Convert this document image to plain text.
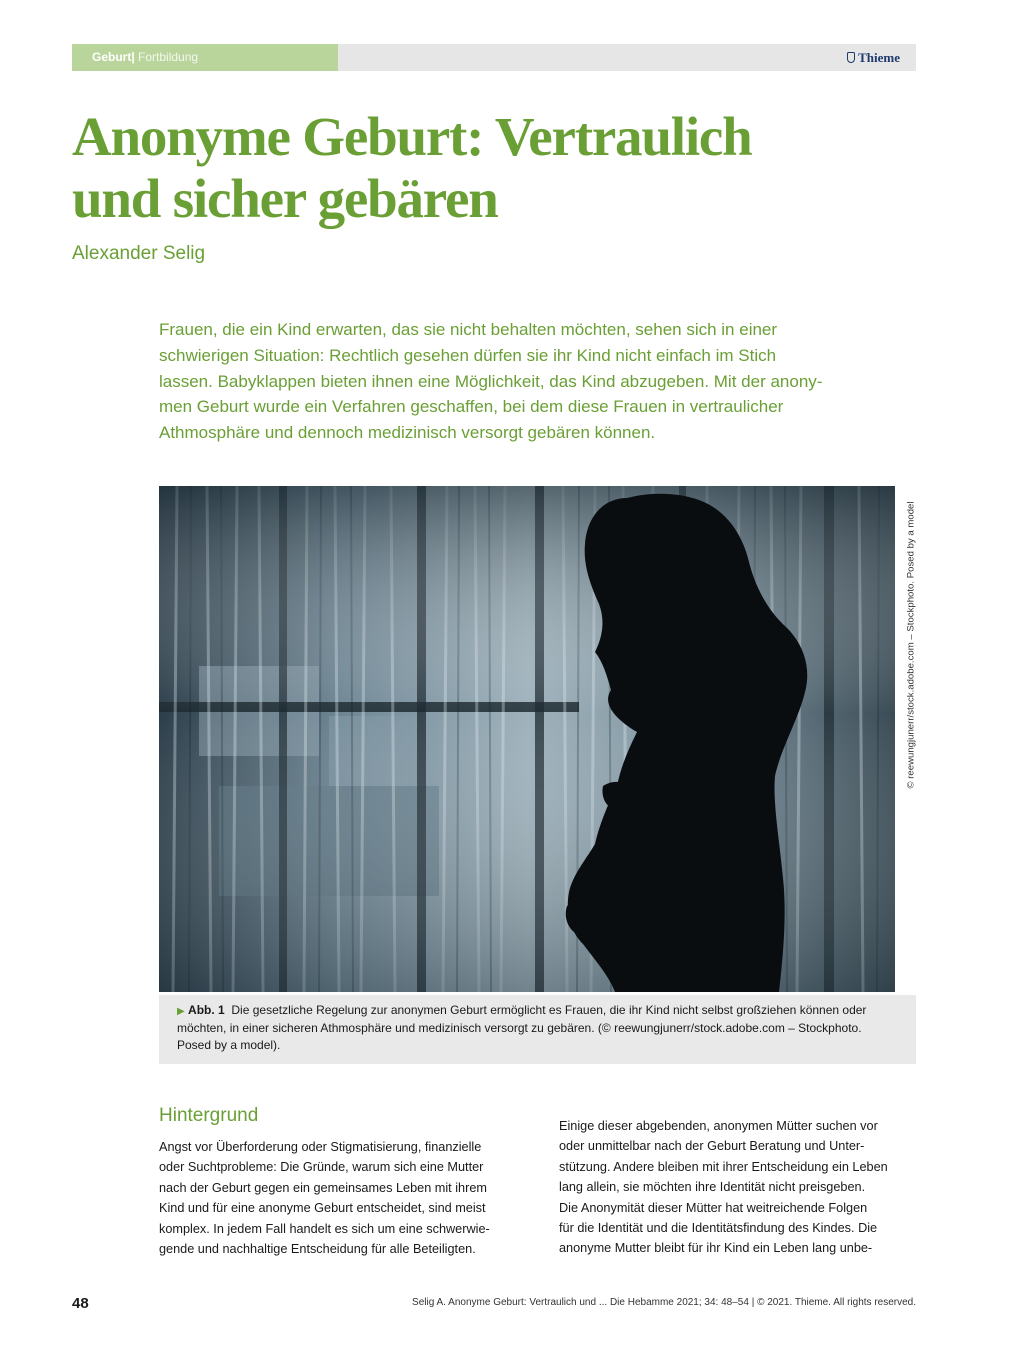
Geburt| Fortbildung	Thieme
Anonyme Geburt: Vertraulich
und sicher gebären
Alexander Selig

Frauen, die ein Kind erwarten, das sie nicht behalten möchten, sehen sich in einer
schwierigen Situation: Rechtlich gesehen dürfen sie ihr Kind nicht einfach im Stich
lassen. Babyklappen bieten ihnen eine Möglichkeit, das Kind abzugeben. Mit der anony-
men Geburt wurde ein Verfahren geschaffen, bei dem diese Frauen in vertraulicher
Athmosphäre und dennoch medizinisch versorgt gebären können.

© reewungjunerr/stock.adobe.com – Stockphoto. Posed by a model
▶ Abb. 1 Die gesetzliche Regelung zur anonymen Geburt ermöglicht es Frauen, die ihr Kind nicht selbst großziehen können oder
möchten, in einer sicheren Athmosphäre und medizinisch versorgt zu gebären. (© reewungjunerr/stock.adobe.com – Stockphoto.
Posed by a model).
Hintergrund

Angst vor Überforderung oder Stigmatisierung, finanzielle
oder Suchtprobleme: Die Gründe, warum sich eine Mutter
nach der Geburt gegen ein gemeinsames Leben mit ihrem
Kind und für eine anonyme Geburt entscheidet, sind meist
komplex. In jedem Fall handelt es sich um eine schwerwie-
gende und nachhaltige Entscheidung für alle Beteiligten.

Einige dieser abgebenden, anonymen Mütter suchen vor
oder unmittelbar nach der Geburt Beratung und Unter-
stützung. Andere bleiben mit ihrer Entscheidung ein Leben
lang allein, sie möchten ihre Identität nicht preisgeben.
Die Anonymität dieser Mütter hat weitreichende Folgen
für die Identität und die Identitätsfindung des Kindes. Die
anonyme Mutter bleibt für ihr Kind ein Leben lang unbe-

48	Selig A. Anonyme Geburt: Vertraulich und ... Die Hebamme 2021; 34: 48–54 | © 2021. Thieme. All rights reserved.
